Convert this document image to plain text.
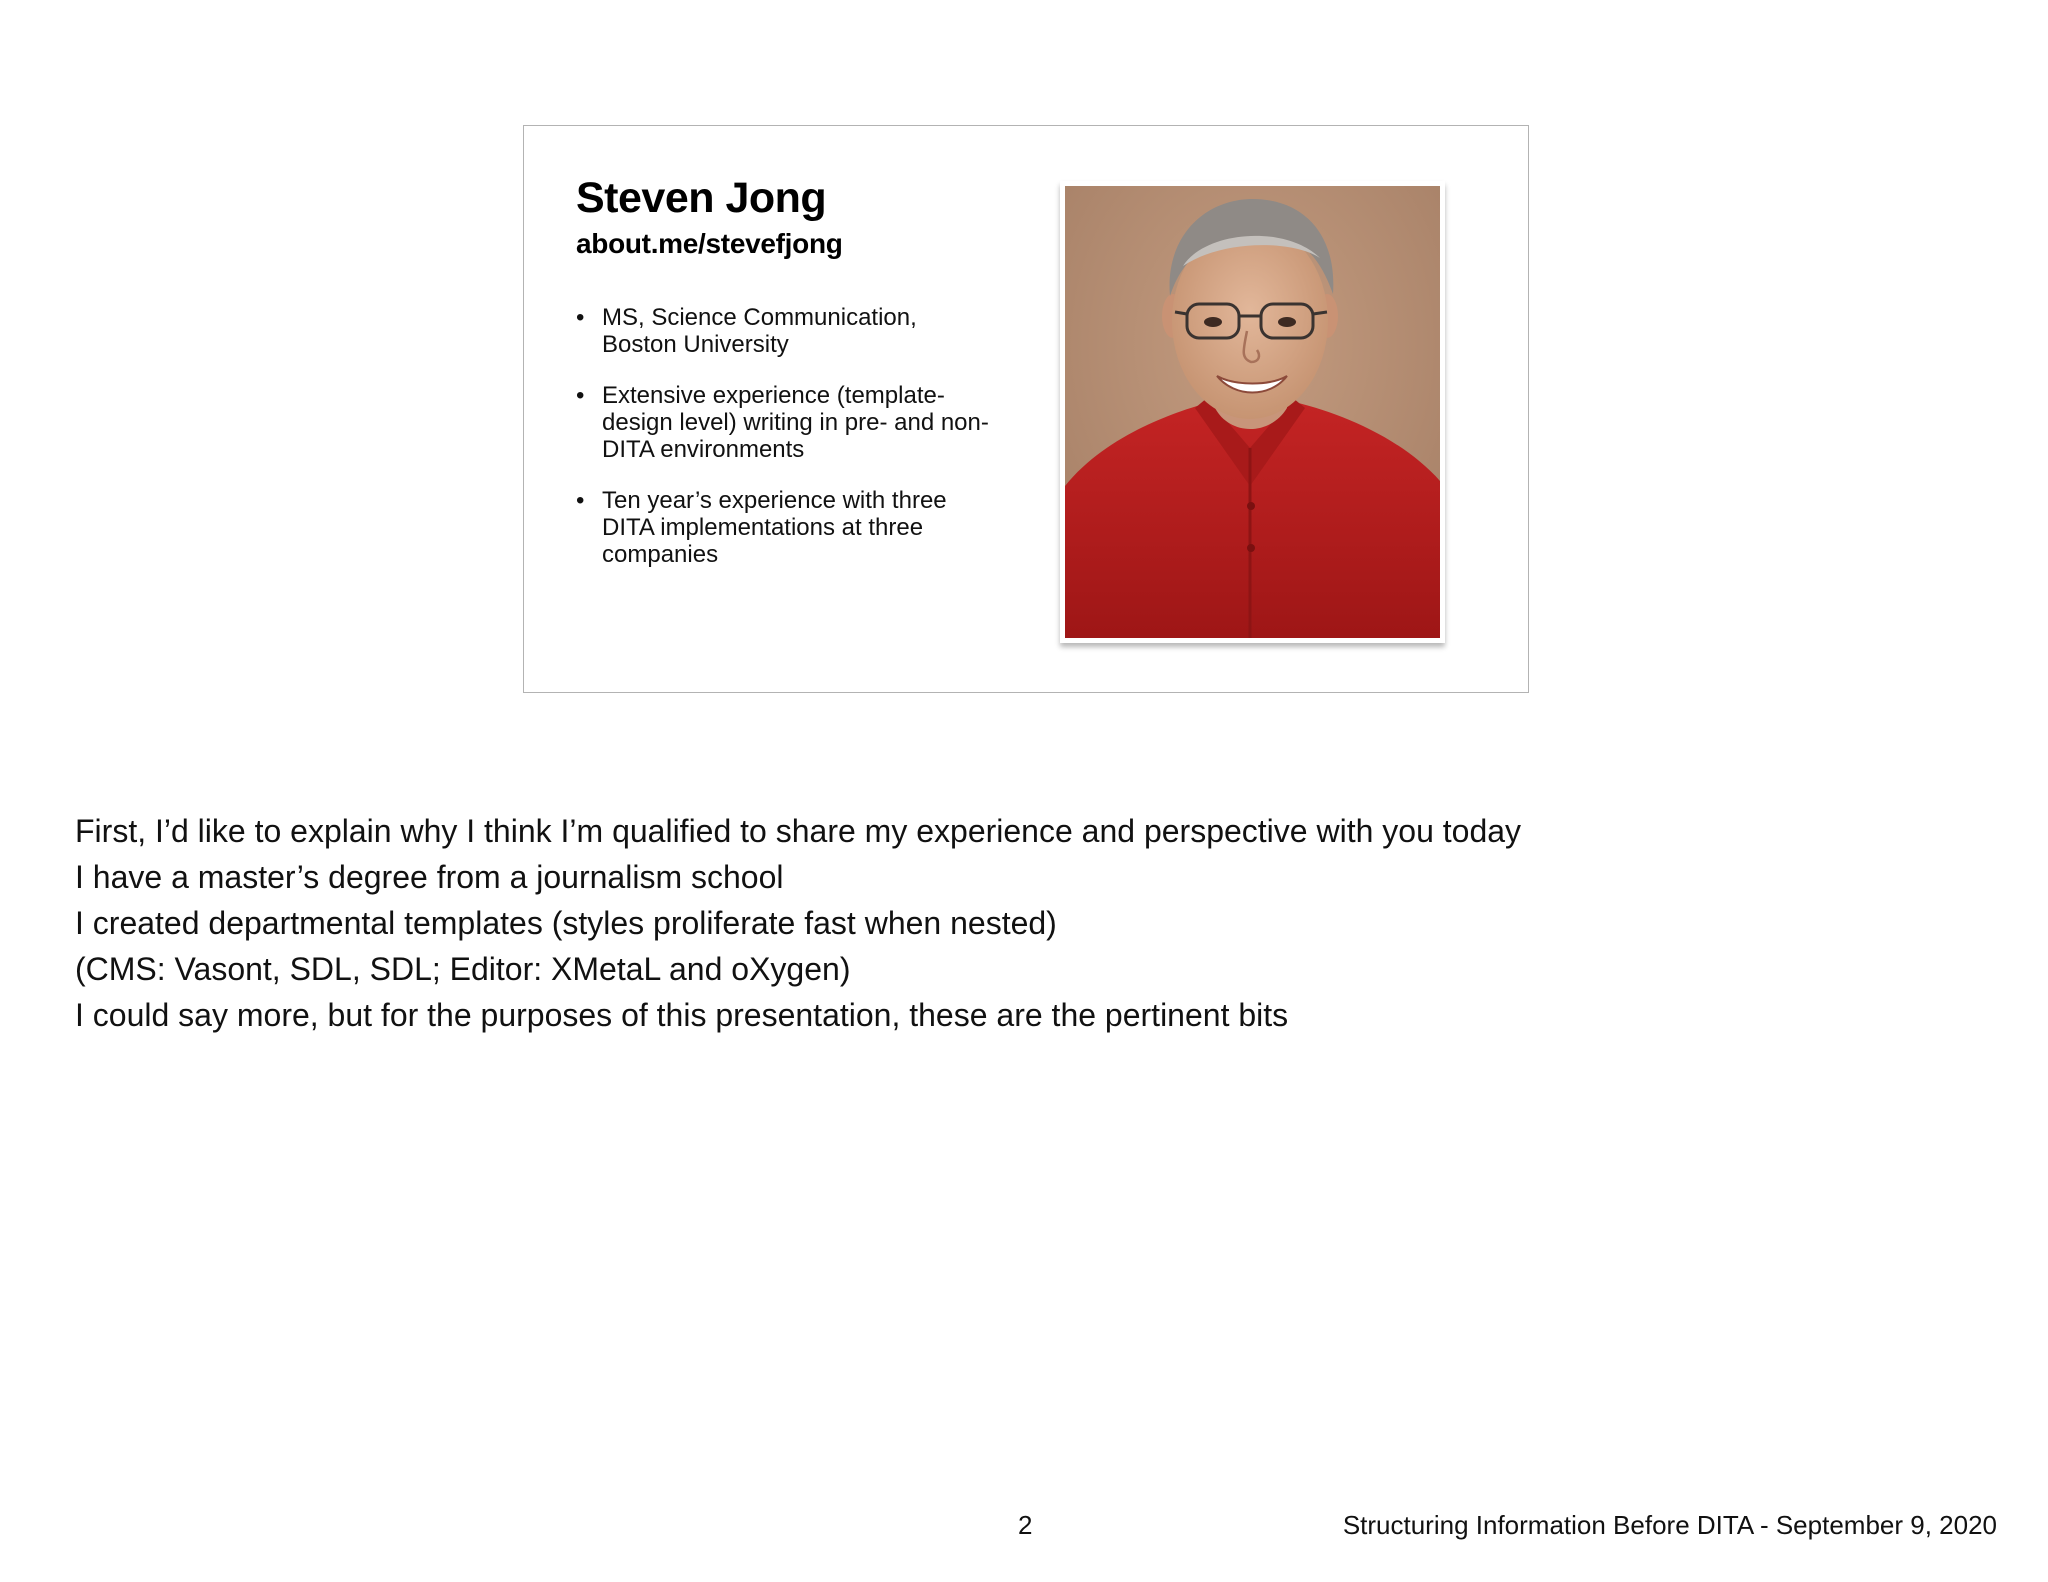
Steven Jong
about.me/stevefjong
• MS, Science Communication, Boston University
• Extensive experience (template-design level) writing in pre- and non-DITA environments
• Ten year’s experience with three DITA implementations at three companies
First, I’d like to explain why I think I’m qualified to share my experience and perspective with you today
I have a master’s degree from a journalism school
I created departmental templates (styles proliferate fast when nested)
(CMS: Vasont, SDL, SDL; Editor: XMetaL and oXygen)
I could say more, but for the purposes of this presentation, these are the pertinent bits
2	Structuring Information Before DITA - September 9, 2020
